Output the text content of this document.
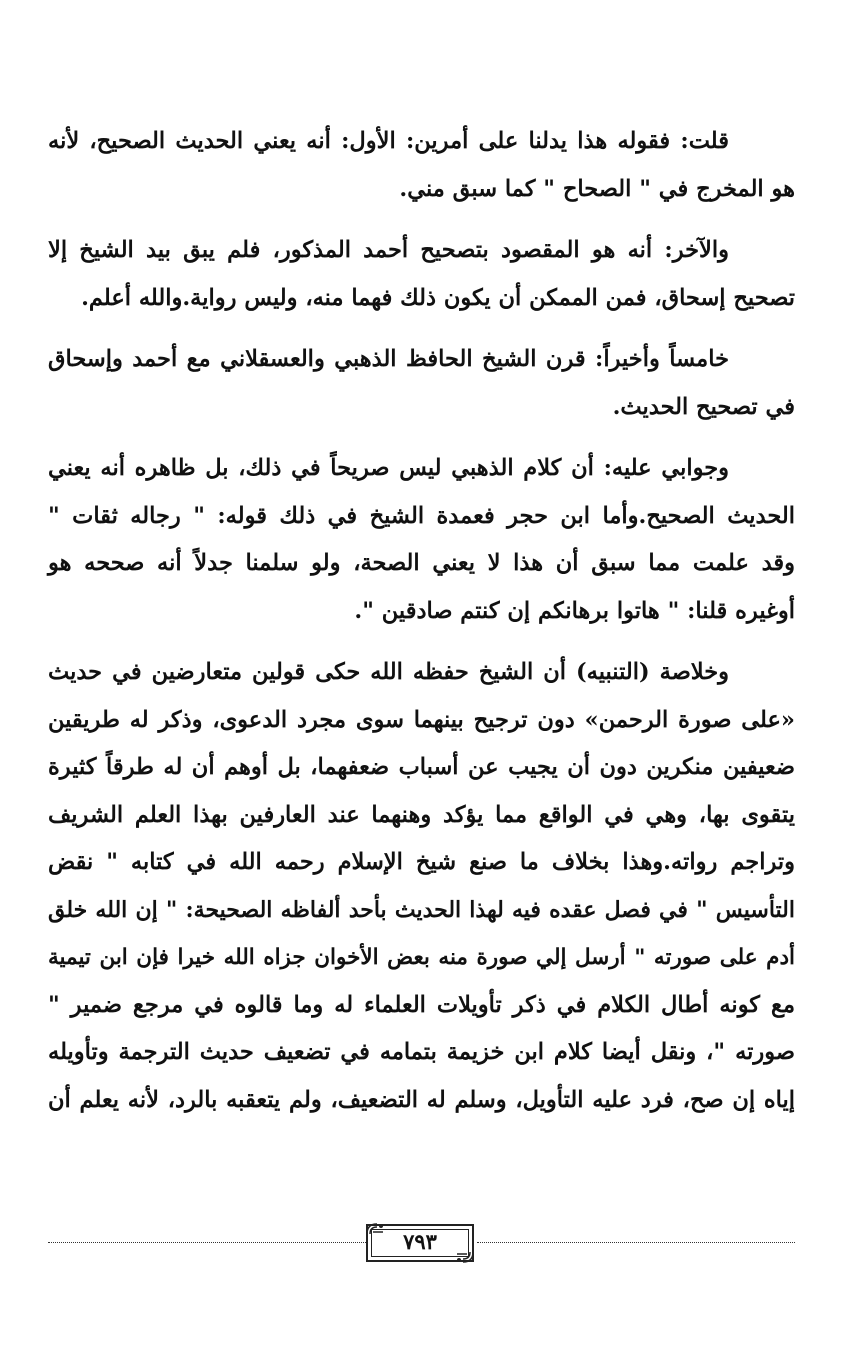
قلت: فقوله هذا يدلنا على أمرين: الأول: أنه يعني الحديث الصحيح، لأنه
هو المخرج في " الصحاح " كما سبق مني.

والآخر: أنه هو المقصود بتصحيح أحمد المذكور، فلم يبق بيد الشيخ إلا
تصحيح إسحاق، فمن الممكن أن يكون ذلك فهما منه، وليس رواية.والله أعلم.

خامساً وأخيراً: قرن الشيخ الحافظ الذهبي والعسقلاني مع أحمد وإسحاق
في تصحيح الحديث.

وجوابي عليه: أن كلام الذهبي ليس صريحاً في ذلك، بل ظاهره أنه يعني
الحديث الصحيح.وأما ابن حجر فعمدة الشيخ في ذلك قوله: " رجاله ثقات "
وقد علمت مما سبق أن هذا لا يعني الصحة، ولو سلمنا جدلاً أنه صححه هو
أوغيره قلنا: " هاتوا برهانكم إن كنتم صادقين ".

وخلاصة (التنبيه) أن الشيخ حفظه الله حكى قولين متعارضين في حديث
«على صورة الرحمن» دون ترجيح بينهما سوى مجرد الدعوى، وذكر له طريقين
ضعيفين منكرين دون أن يجيب عن أسباب ضعفهما، بل أوهم أن له طرقاً كثيرة
يتقوى بها، وهي في الواقع مما يؤكد وهنهما عند العارفين بهذا العلم الشريف
وتراجم رواته.وهذا بخلاف ما صنع شيخ الإسلام رحمه الله في كتابه " نقض
التأسيس " في فصل عقده فيه لهذا الحديث بأحد ألفاظه الصحيحة: " إن الله خلق
أدم على صورته " أرسل إلي صورة منه بعض الأخوان جزاه الله خيرا فإن ابن تيمية
مع كونه أطال الكلام في ذكر تأويلات العلماء له وما قالوه في مرجع ضمير "
صورته "، ونقل أيضا كلام ابن خزيمة بتمامه في تضعيف حديث الترجمة وتأويله
إياه إن صح، فرد عليه التأويل، وسلم له التضعيف، ولم يتعقبه بالرد، لأنه يعلم أن

٧٩٣
